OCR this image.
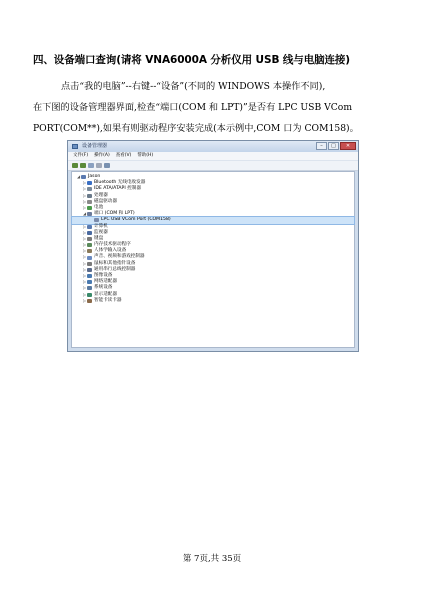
四、设备端口查询(请将 VNA6000A 分析仪用 USB 线与电脑连接)
点击“我的电脑”--右键--“设备”(不同的 WINDOWS 本操作不同),
在下图的设备管理器界面,检查“端口(COM 和 LPT)”是否有 LPC USB VCom
PORT(COM**),如果有则驱动程序安装完成(本示例中,COM 口为 COM158)。
设备管理器	–	□	✕
文件(F) 操作(A) 查看(V) 帮助(H)
◢ Jason
▷ Bluetooth 无线电收发器
▷ IDE ATA/ATAPI 控制器
▷ 处理器
▷ 磁盘驱动器
▷ 电池
◢ 端口 (COM 和 LPT)
LPC USB VCom Port (COM158)
▷ 计算机
▷ 监视器
▷ 键盘
▷ 内存技术驱动程序
▷ 人体学输入设备
▷ 声音、视频和游戏控制器
▷ 鼠标和其他指针设备
▷ 通用串行总线控制器
▷ 图像设备
▷ 网络适配器
▷ 系统设备
▷ 显示适配器
▷ 智能卡读卡器
第 7页,共 35页
